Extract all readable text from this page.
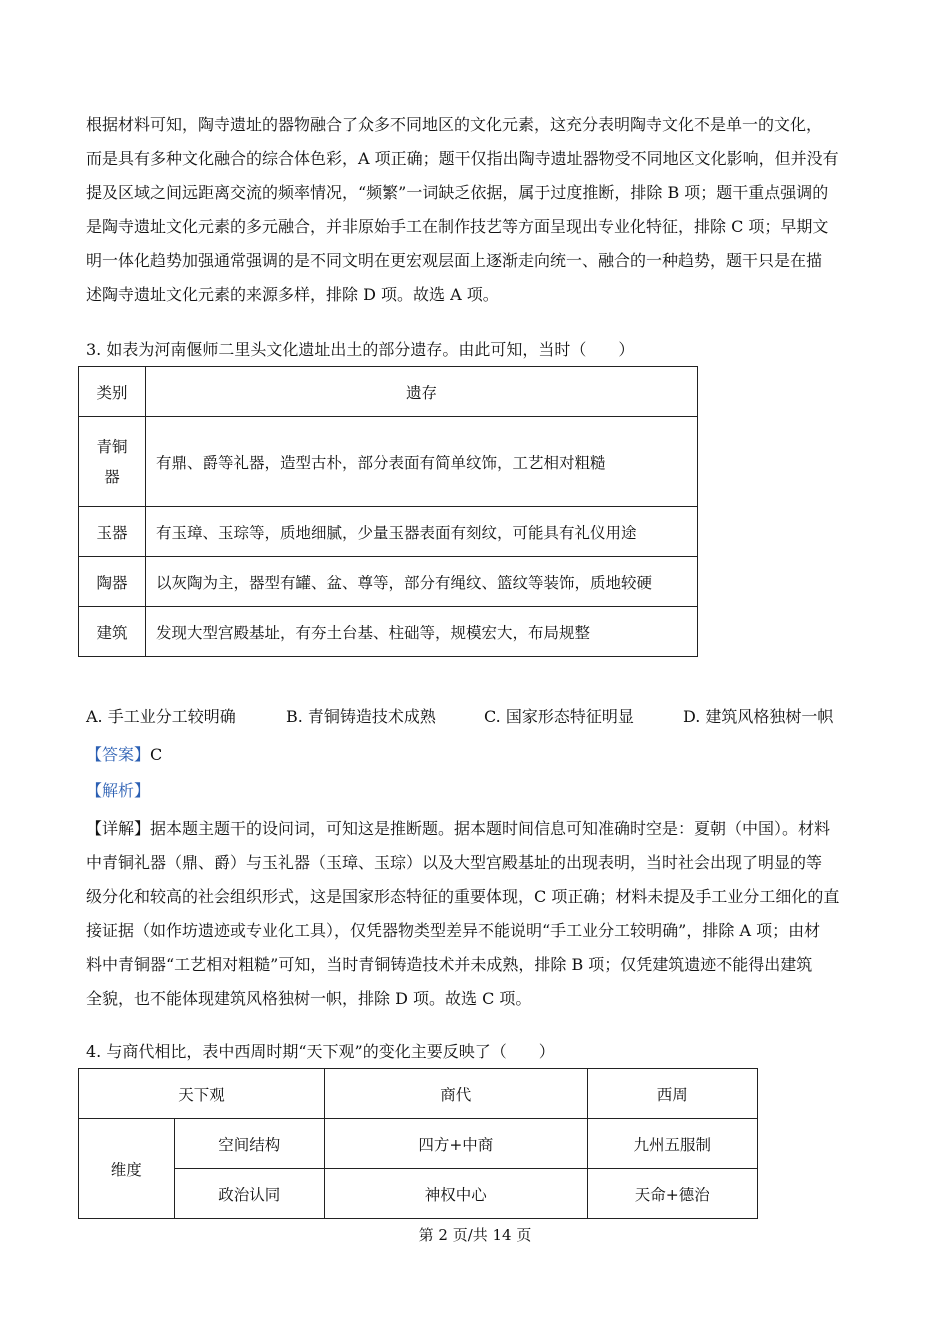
根据材料可知，陶寺遗址的器物融合了众多不同地区的文化元素，这充分表明陶寺文化不是单一的文化，
而是具有多种文化融合的综合体色彩，A 项正确；题干仅指出陶寺遗址器物受不同地区文化影响，但并没有
提及区域之间远距离交流的频率情况，“频繁”一词缺乏依据，属于过度推断，排除 B 项；题干重点强调的
是陶寺遗址文化元素的多元融合，并非原始手工在制作技艺等方面呈现出专业化特征，排除 C 项；早期文
明一体化趋势加强通常强调的是不同文明在更宏观层面上逐渐走向统一、融合的一种趋势，题干只是在描
述陶寺遗址文化元素的来源多样，排除 D 项。故选 A 项。
3. 如表为河南偃师二里头文化遗址出土的部分遗存。由此可知，当时（　　）
类别	遗存

青铜
器	有鼎、爵等礼器，造型古朴，部分表面有简单纹饰，工艺相对粗糙
玉器	有玉璋、玉琮等，质地细腻，少量玉器表面有刻纹，可能具有礼仪用途
陶器	以灰陶为主，器型有罐、盆、尊等，部分有绳纹、篮纹等装饰，质地较硬
建筑	发现大型宫殿基址，有夯土台基、柱础等，规模宏大，布局规整
A. 手工业分工较明确	B. 青铜铸造技术成熟	C. 国家形态特征明显	D. 建筑风格独树一帜
【答案】C
【解析】
【详解】据本题主题干的设问词，可知这是推断题。据本题时间信息可知准确时空是：夏朝（中国）。材料
中青铜礼器（鼎、爵）与玉礼器（玉璋、玉琮）以及大型宫殿基址的出现表明，当时社会出现了明显的等
级分化和较高的社会组织形式，这是国家形态特征的重要体现，C 项正确；材料未提及手工业分工细化的直
接证据（如作坊遗迹或专业化工具），仅凭器物类型差异不能说明“手工业分工较明确”，排除 A 项；由材
料中青铜器“工艺相对粗糙”可知，当时青铜铸造技术并未成熟，排除 B 项；仅凭建筑遗迹不能得出建筑
全貌，也不能体现建筑风格独树一帜，排除 D 项。故选 C 项。
4. 与商代相比，表中西周时期“天下观”的变化主要反映了（　　）
天下观		商代	西周
维度	空间结构	四方+中商	九州五服制
	政治认同	神权中心	天命+德治
第 2 页/共 14 页
